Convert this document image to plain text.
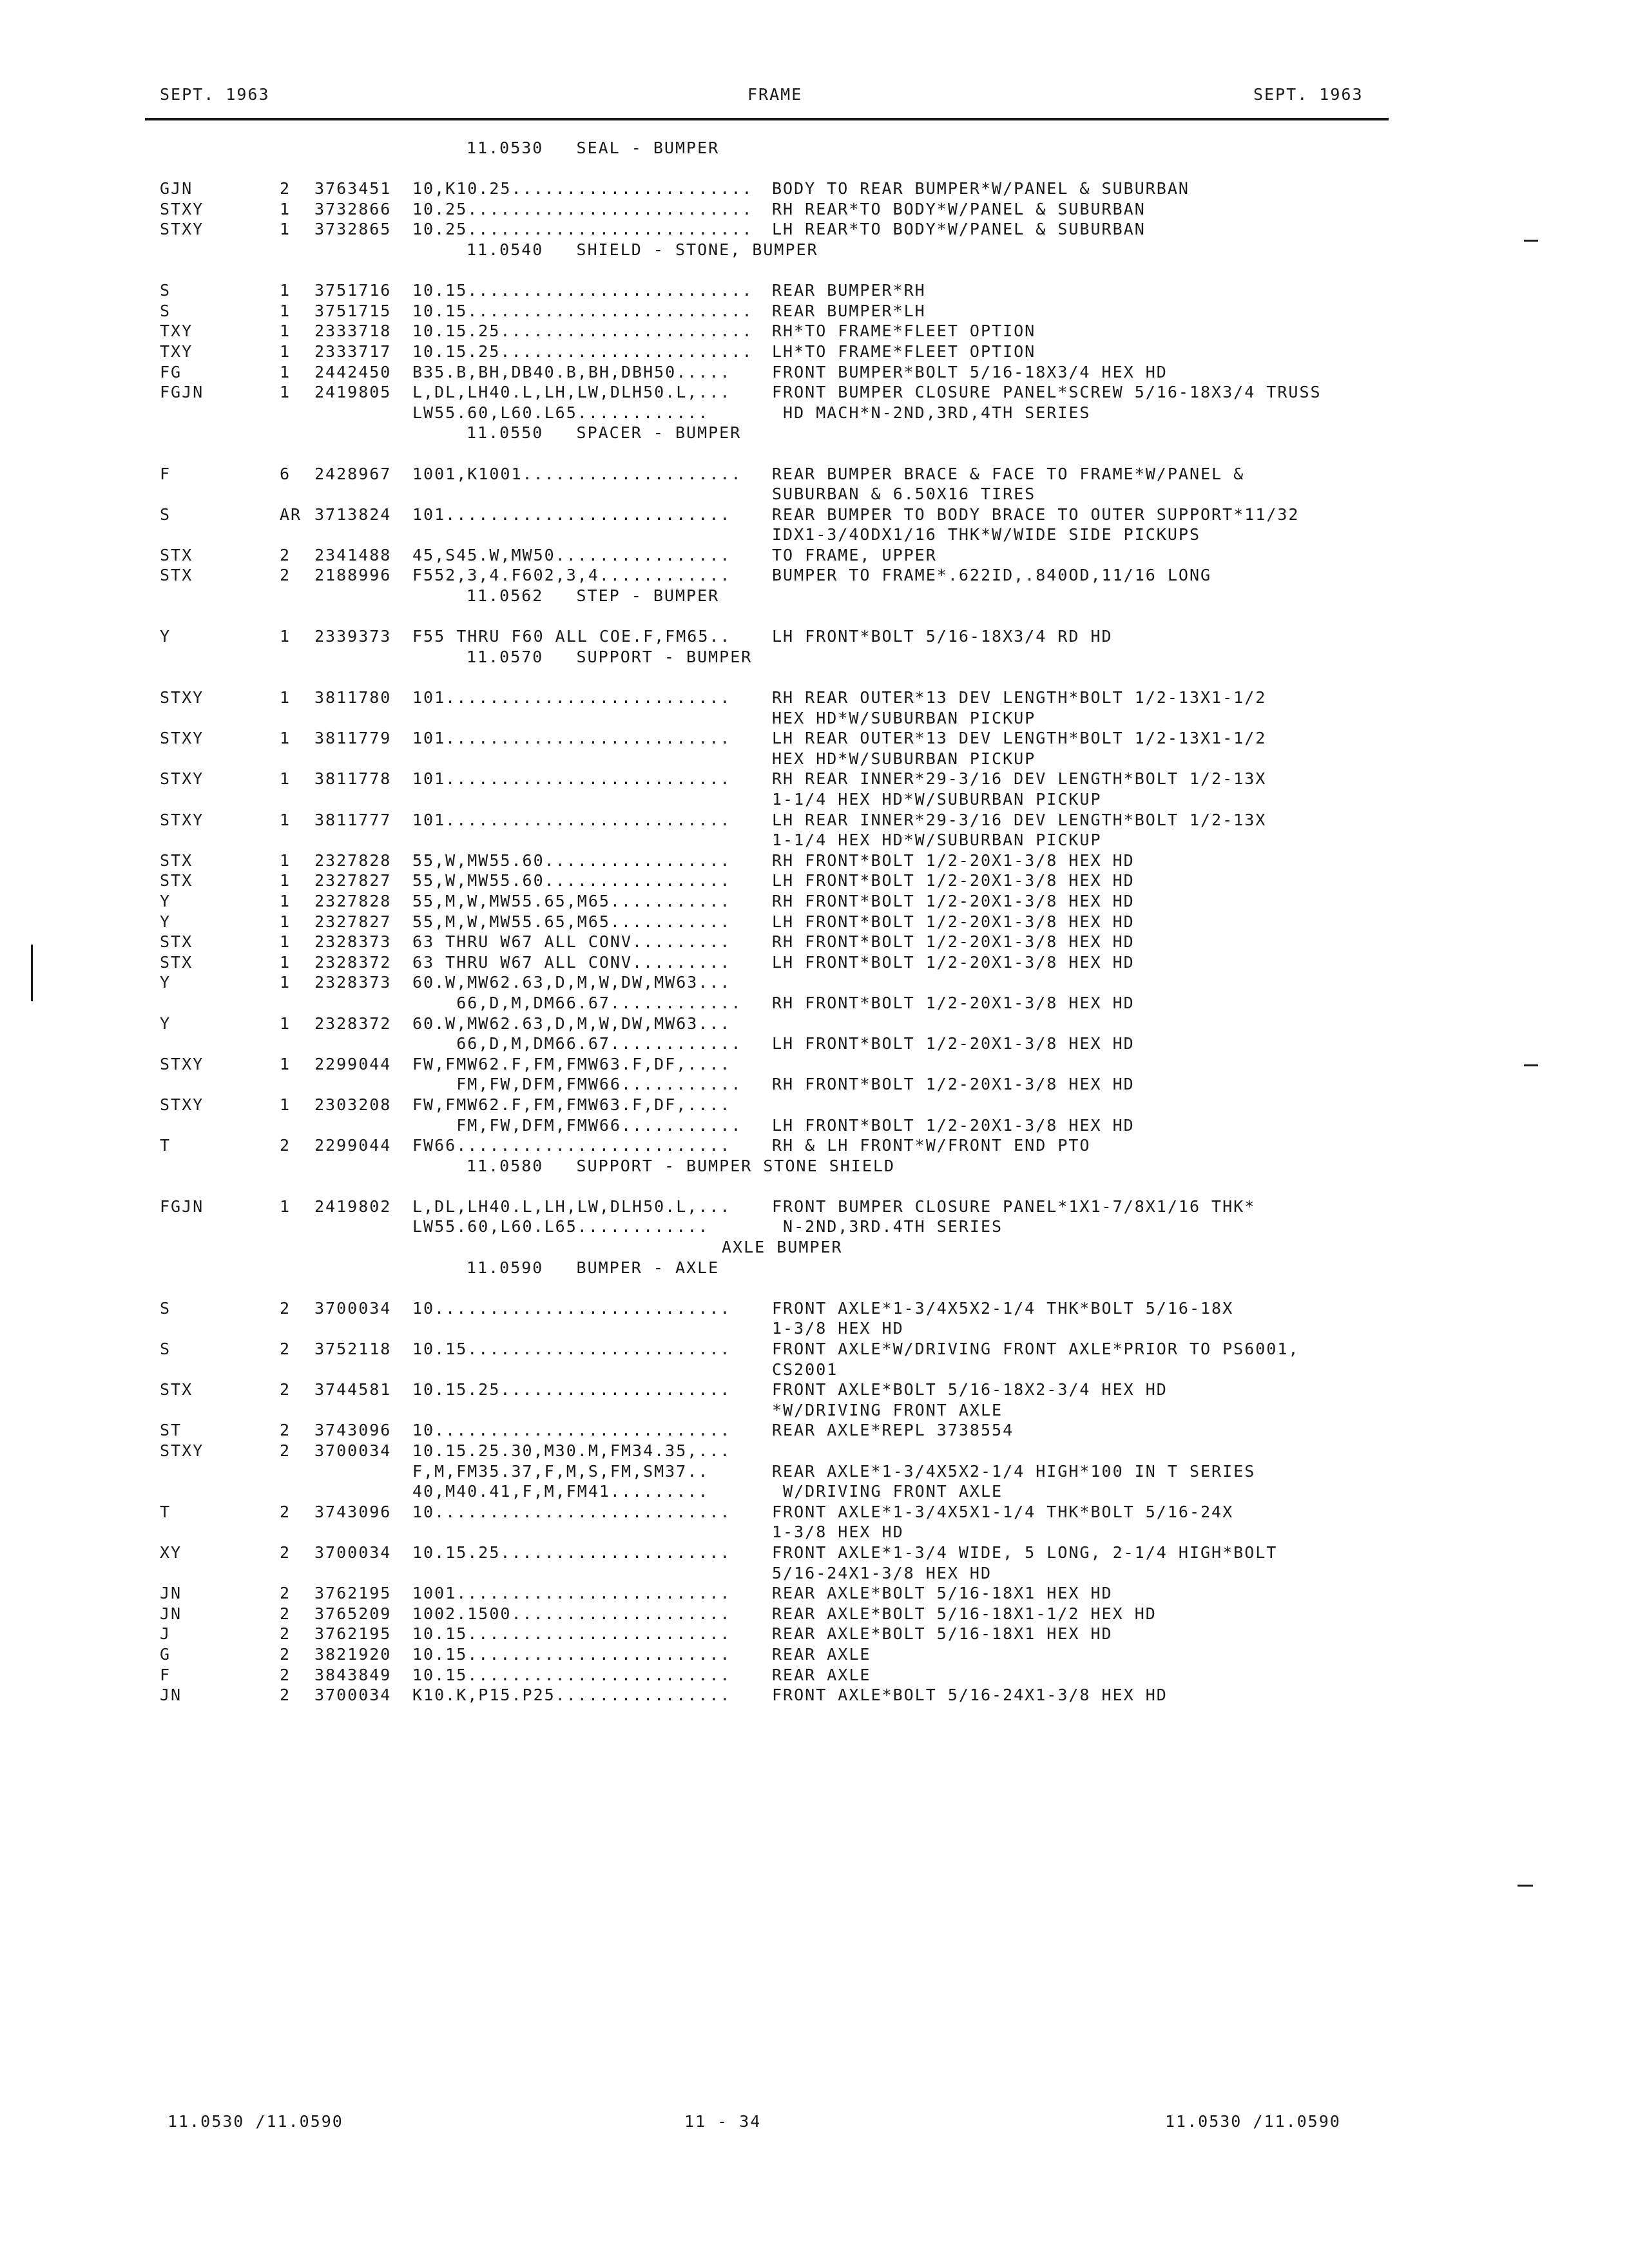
SEPT. 1963	FRAME	SEPT. 1963
11.0530   SEAL - BUMPER
GJN	2 3763451 10,K10.25...................... BODY TO REAR BUMPER*W/PANEL & SUBURBAN
STXY	1 3732866 10.25.......................... RH REAR*TO BODY*W/PANEL & SUBURBAN
STXY	1 3732865 10.25.......................... LH REAR*TO BODY*W/PANEL & SUBURBAN
11.0540   SHIELD - STONE, BUMPER
S	1 3751716 10.15.......................... REAR BUMPER*RH
S	1 3751715 10.15.......................... REAR BUMPER*LH
TXY	1 2333718 10.15.25....................... RH*TO FRAME*FLEET OPTION
TXY	1 2333717 10.15.25....................... LH*TO FRAME*FLEET OPTION
FG	1 2442450 B35.B,BH,DB40.B,BH,DBH50.....	FRONT BUMPER*BOLT 5/16-18X3/4 HEX HD
FGJN	1 2419805 L,DL,LH40.L,LH,LW,DLH50.L,...	FRONT BUMPER CLOSURE PANEL*SCREW 5/16-18X3/4 TRUSS
LW55.60,L60.L65............	HD MACH*N-2ND,3RD,4TH SERIES
11.0550   SPACER - BUMPER
F	6 2428967 1001,K1001.................... REAR BUMPER BRACE & FACE TO FRAME*W/PANEL &
SUBURBAN & 6.50X16 TIRES
S	AR 3713824 101..........................	REAR BUMPER TO BODY BRACE TO OUTER SUPPORT*11/32
IDX1-3/4ODX1/16 THK*W/WIDE SIDE PICKUPS
STX	2 2341488 45,S45.W,MW50................	TO FRAME, UPPER
STX	2 2188996 F552,3,4.F602,3,4............	BUMPER TO FRAME*.622ID,.840OD,11/16 LONG
11.0562   STEP - BUMPER
Y	1 2339373 F55 THRU F60 ALL COE.F,FM65..	LH FRONT*BOLT 5/16-18X3/4 RD HD
11.0570   SUPPORT - BUMPER
STXY	1 3811780 101..........................	RH REAR OUTER*13 DEV LENGTH*BOLT 1/2-13X1-1/2
HEX HD*W/SUBURBAN PICKUP
STXY	1 3811779 101..........................	LH REAR OUTER*13 DEV LENGTH*BOLT 1/2-13X1-1/2
HEX HD*W/SUBURBAN PICKUP
STXY	1 3811778 101..........................	RH REAR INNER*29-3/16 DEV LENGTH*BOLT 1/2-13X
1-1/4 HEX HD*W/SUBURBAN PICKUP
STXY	1 3811777 101..........................	LH REAR INNER*29-3/16 DEV LENGTH*BOLT 1/2-13X
1-1/4 HEX HD*W/SUBURBAN PICKUP
STX	1 2327828 55,W,MW55.60.................	RH FRONT*BOLT 1/2-20X1-3/8 HEX HD
STX	1 2327827 55,W,MW55.60.................	LH FRONT*BOLT 1/2-20X1-3/8 HEX HD
Y	1 2327828 55,M,W,MW55.65,M65...........	RH FRONT*BOLT 1/2-20X1-3/8 HEX HD
Y	1 2327827 55,M,W,MW55.65,M65...........	LH FRONT*BOLT 1/2-20X1-3/8 HEX HD
STX	1 2328373 63 THRU W67 ALL CONV.........	RH FRONT*BOLT 1/2-20X1-3/8 HEX HD
STX	1 2328372 63 THRU W67 ALL CONV.........	LH FRONT*BOLT 1/2-20X1-3/8 HEX HD
Y	1 2328373 60.W,MW62.63,D,M,W,DW,MW63...
66,D,M,DM66.67............ RH FRONT*BOLT 1/2-20X1-3/8 HEX HD
Y	1 2328372 60.W,MW62.63,D,M,W,DW,MW63...
66,D,M,DM66.67............ LH FRONT*BOLT 1/2-20X1-3/8 HEX HD
STXY	1 2299044 FW,FMW62.F,FM,FMW63.F,DF,....
FM,FW,DFM,FMW66........... RH FRONT*BOLT 1/2-20X1-3/8 HEX HD
STXY	1 2303208 FW,FMW62.F,FM,FMW63.F,DF,....
FM,FW,DFM,FMW66........... LH FRONT*BOLT 1/2-20X1-3/8 HEX HD
T	2 2299044 FW66.........................	RH & LH FRONT*W/FRONT END PTO
11.0580   SUPPORT - BUMPER STONE SHIELD
FGJN	1 2419802 L,DL,LH40.L,LH,LW,DLH50.L,...	FRONT BUMPER CLOSURE PANEL*1X1-7/8X1/16 THK*
LW55.60,L60.L65............	N-2ND,3RD.4TH SERIES
AXLE BUMPER
11.0590   BUMPER - AXLE
S	2 3700034 10...........................	FRONT AXLE*1-3/4X5X2-1/4 THK*BOLT 5/16-18X
1-3/8 HEX HD
S	2 3752118 10.15........................	FRONT AXLE*W/DRIVING FRONT AXLE*PRIOR TO PS6001,
CS2001
STX	2 3744581 10.15.25.....................	FRONT AXLE*BOLT 5/16-18X2-3/4 HEX HD
*W/DRIVING FRONT AXLE
ST	2 3743096 10...........................	REAR AXLE*REPL 3738554
STXY	2 3700034 10.15.25.30,M30.M,FM34.35,...
F,M,FM35.37,F,M,S,FM,SM37..	REAR AXLE*1-3/4X5X2-1/4 HIGH*100 IN T SERIES
40,M40.41,F,M,FM41.........	W/DRIVING FRONT AXLE
T	2 3743096 10...........................	FRONT AXLE*1-3/4X5X1-1/4 THK*BOLT 5/16-24X
1-3/8 HEX HD
XY	2 3700034 10.15.25.....................	FRONT AXLE*1-3/4 WIDE, 5 LONG, 2-1/4 HIGH*BOLT
5/16-24X1-3/8 HEX HD
JN	2 3762195 1001.........................	REAR AXLE*BOLT 5/16-18X1 HEX HD
JN	2 3765209 1002.1500....................	REAR AXLE*BOLT 5/16-18X1-1/2 HEX HD
J	2 3762195 10.15........................	REAR AXLE*BOLT 5/16-18X1 HEX HD
G	2 3821920 10.15........................	REAR AXLE
F	2 3843849 10.15........................	REAR AXLE
JN	2 3700034 K10.K,P15.P25................	FRONT AXLE*BOLT 5/16-24X1-3/8 HEX HD
11.0530 /11.0590	11 - 34	11.0530 /11.0590
